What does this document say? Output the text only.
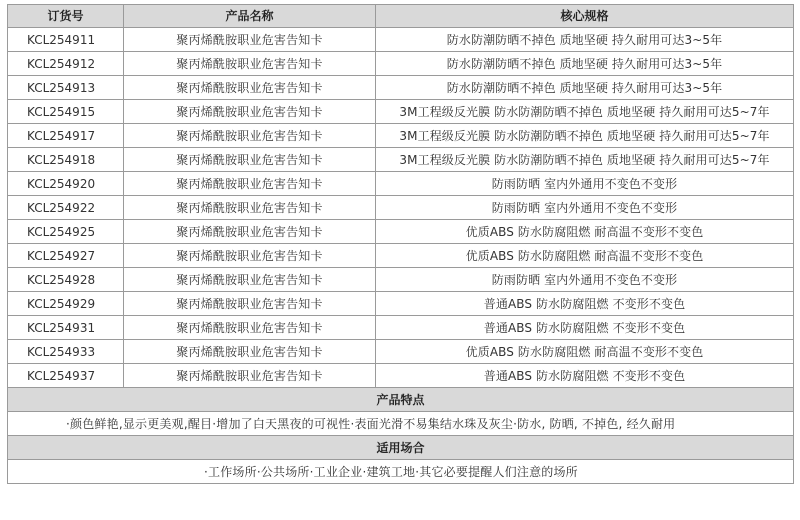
订货号	产品名称	核心规格
KCL254911	聚丙烯酰胺职业危害告知卡	防水防潮防晒不掉色 质地坚硬 持久耐用可达3~5年
KCL254912	聚丙烯酰胺职业危害告知卡	防水防潮防晒不掉色 质地坚硬 持久耐用可达3~5年
KCL254913	聚丙烯酰胺职业危害告知卡	防水防潮防晒不掉色 质地坚硬 持久耐用可达3~5年
KCL254915	聚丙烯酰胺职业危害告知卡	3M工程级反光膜 防水防潮防晒不掉色 质地坚硬 持久耐用可达5~7年
KCL254917	聚丙烯酰胺职业危害告知卡	3M工程级反光膜 防水防潮防晒不掉色 质地坚硬 持久耐用可达5~7年
KCL254918	聚丙烯酰胺职业危害告知卡	3M工程级反光膜 防水防潮防晒不掉色 质地坚硬 持久耐用可达5~7年
KCL254920	聚丙烯酰胺职业危害告知卡	防雨防晒 室内外通用不变色不变形
KCL254922	聚丙烯酰胺职业危害告知卡	防雨防晒 室内外通用不变色不变形
KCL254925	聚丙烯酰胺职业危害告知卡	优质ABS 防水防腐阻燃 耐高温不变形不变色
KCL254927	聚丙烯酰胺职业危害告知卡	优质ABS 防水防腐阻燃 耐高温不变形不变色
KCL254928	聚丙烯酰胺职业危害告知卡	防雨防晒 室内外通用不变色不变形
KCL254929	聚丙烯酰胺职业危害告知卡	普通ABS 防水防腐阻燃 不变形不变色
KCL254931	聚丙烯酰胺职业危害告知卡	普通ABS 防水防腐阻燃 不变形不变色
KCL254933	聚丙烯酰胺职业危害告知卡	优质ABS 防水防腐阻燃 耐高温不变形不变色
KCL254937	聚丙烯酰胺职业危害告知卡	普通ABS 防水防腐阻燃 不变形不变色
产品特点		
·颜色鲜艳,显示更美观,醒目·增加了白天黑夜的可视性·表面光滑不易集结水珠及灰尘·防水, 防晒, 不掉色, 经久耐用		
适用场合		
·工作场所·公共场所·工业企业·建筑工地·其它必要提醒人们注意的场所		
